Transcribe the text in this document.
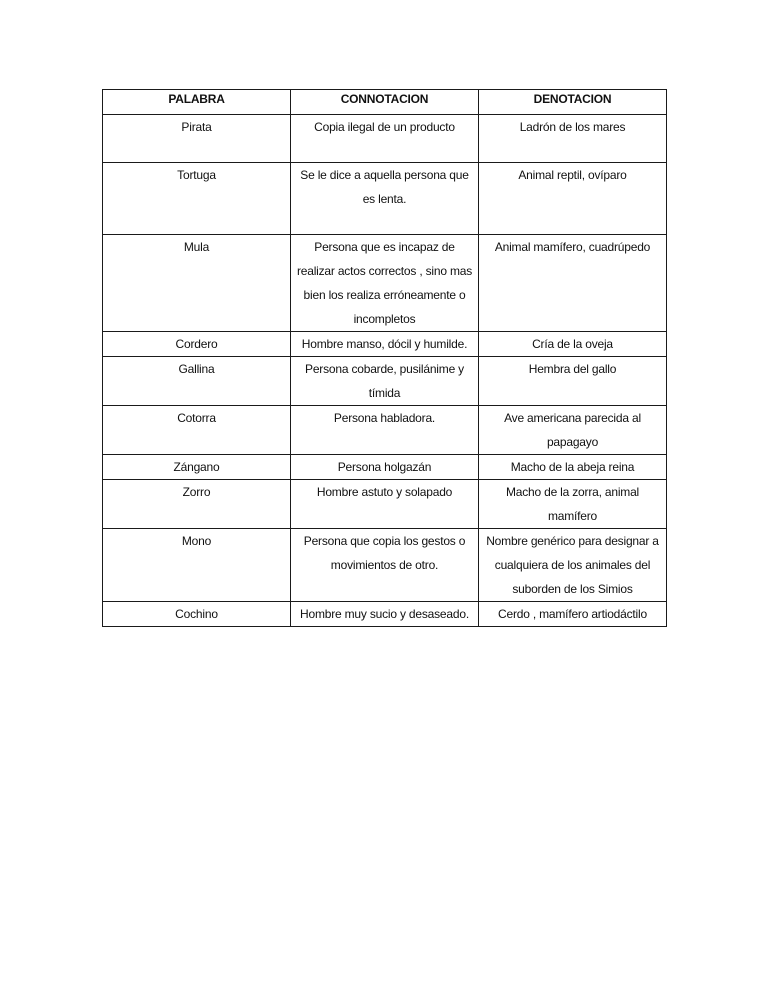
PALABRA	CONNOTACION	DENOTACION
Pirata	Copia ilegal de un producto	Ladrón de los mares
Tortuga	Se le dice a aquella persona que es lenta.	Animal reptil, ovíparo
Mula	Persona que es incapaz de realizar actos correctos , sino mas bien los realiza erróneamente o incompletos	Animal mamífero, cuadrúpedo
Cordero	Hombre manso, dócil y humilde.	Cría de la oveja
Gallina	Persona cobarde, pusilánime y tímida	Hembra del gallo
Cotorra	Persona habladora.	Ave americana parecida al papagayo
Zángano	Persona holgazán	Macho de la abeja reina
Zorro	Hombre astuto y solapado	Macho de la zorra, animal mamífero
Mono	Persona que copia los gestos o movimientos de otro.	Nombre genérico para designar a cualquiera de los animales del suborden de los Simios
Cochino	Hombre muy sucio y desaseado.	Cerdo , mamífero artiodáctilo
